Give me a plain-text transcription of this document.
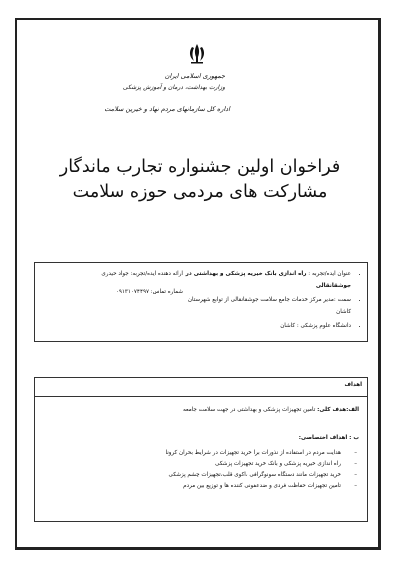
جمهوری اسلامی ایران
وزارت بهداشت، درمان و آموزش پزشکی
اداره کل سازمانهای مردم نهاد و خیرین سلامت
فراخوان اولین جشنواره تجارب ماندگار مشارکت های مردمی حوزه سلامت
• عنوان ایده/تجربه : راه اندازی بانک خیریه پزشکی و بهداشتی در جوشقانقالی
• سمت :مدیر مرکز خدمات جامع سلامت جوشقانقالی از توابع شهرستان کاشان
• دانشگاه علوم پزشکی : کاشان
ارائه دهنده ایده/تجربه: جواد حیدری
شماره تماس: ۰۹۱۳۱۰۷۴۴۹۷
اهداف
الف:هدف کلی: تامین تجهیزات پزشکی و بهداشتی در جهت سلامت جامعه
ب : اهداف اختصاصی:
– هدایت مردم در استفاده از نذورات برا خرید تجهیزات در شرایط بحران کرونا
– راه اندازی خیریه پزشکی و بانک خرید تجهیزات پزشکی
– خرید تجهیزات مانند دستگاه سونوگرافی ،اکوی قلب،تجهیزات چشم پزشکی
– تامین تجهیزات حفاظت فردی و ضدعفونی کننده ها و توزیع بین مردم
